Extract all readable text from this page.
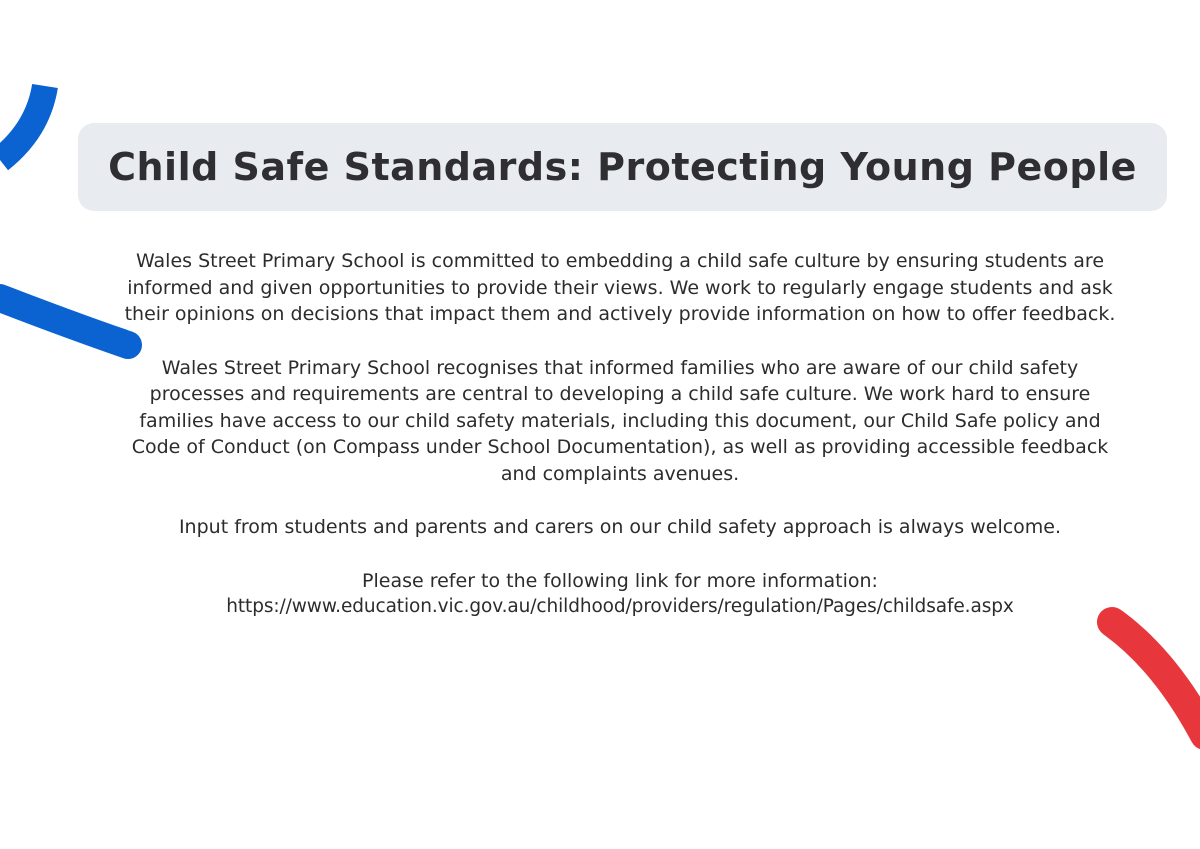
Child Safe Standards: Protecting Young People

Wales Street Primary School is committed to embedding a child safe culture by ensuring students are informed and given opportunities to provide their views. We work to regularly engage students and ask their opinions on decisions that impact them and actively provide information on how to offer feedback.

Wales Street Primary School recognises that informed families who are aware of our child safety processes and requirements are central to developing a child safe culture. We work hard to ensure families have access to our child safety materials, including this document, our Child Safe policy and Code of Conduct (on Compass under School Documentation), as well as providing accessible feedback and complaints avenues.

Input from students and parents and carers on our child safety approach is always welcome.

Please refer to the following link for more information:
https://www.education.vic.gov.au/childhood/providers/regulation/Pages/childsafe.aspx
